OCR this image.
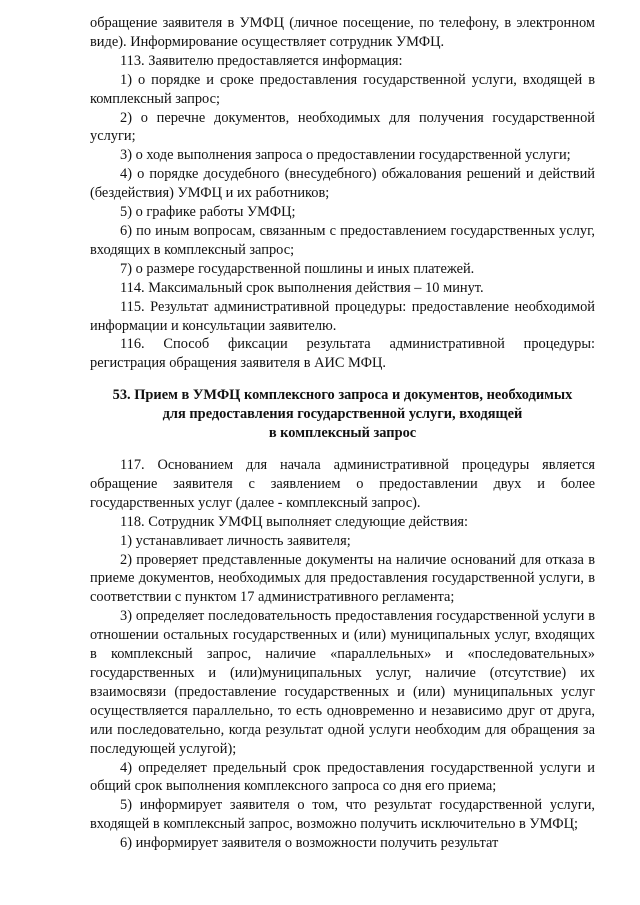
обращение заявителя в УМФЦ (личное посещение, по телефону, в электронном виде). Информирование осуществляет сотрудник УМФЦ.

113. Заявителю предоставляется информация:

1) о порядке и сроке предоставления государственной услуги, входящей в комплексный запрос;

2) о перечне документов, необходимых для получения государственной услуги;

3) о ходе выполнения запроса о предоставлении государственной услуги;

4) о порядке досудебного (внесудебного) обжалования решений и действий (бездействия) УМФЦ и их работников;

5) о графике работы УМФЦ;

6) по иным вопросам, связанным с предоставлением государственных услуг, входящих в комплексный запрос;

7) о размере государственной пошлины и иных платежей.

114. Максимальный срок выполнения действия – 10 минут.

115. Результат административной процедуры: предоставление необходимой информации и консультации заявителю.

116. Способ фиксации результата административной процедуры: регистрация обращения заявителя в АИС МФЦ.

53. Прием в УМФЦ комплексного запроса и документов, необходимых
для предоставления государственной услуги, входящей
в комплексный запрос

117. Основанием для начала административной процедуры является обращение заявителя с заявлением о предоставлении двух и более государственных услуг (далее - комплексный запрос).

118. Сотрудник УМФЦ выполняет следующие действия:

1) устанавливает личность заявителя;

2) проверяет представленные документы на наличие оснований для отказа в приеме документов, необходимых для предоставления государственной услуги, в соответствии с пунктом 17 административного регламента;

3) определяет последовательность предоставления государственной услуги в отношении остальных государственных и (или) муниципальных услуг, входящих в комплексный запрос, наличие «параллельных» и «последовательных» государственных и (или)муниципальных услуг, наличие (отсутствие) их взаимосвязи (предоставление государственных и (или) муниципальных услуг осуществляется параллельно, то есть одновременно и независимо друг от друга, или последовательно, когда результат одной услуги необходим для обращения за последующей услугой);

4) определяет предельный срок предоставления государственной услуги и общий срок выполнения комплексного запроса со дня его приема;

5) информирует заявителя о том, что результат государственной услуги, входящей в комплексный запрос, возможно получить исключительно в УМФЦ;

6) информирует заявителя о возможности получить результат
